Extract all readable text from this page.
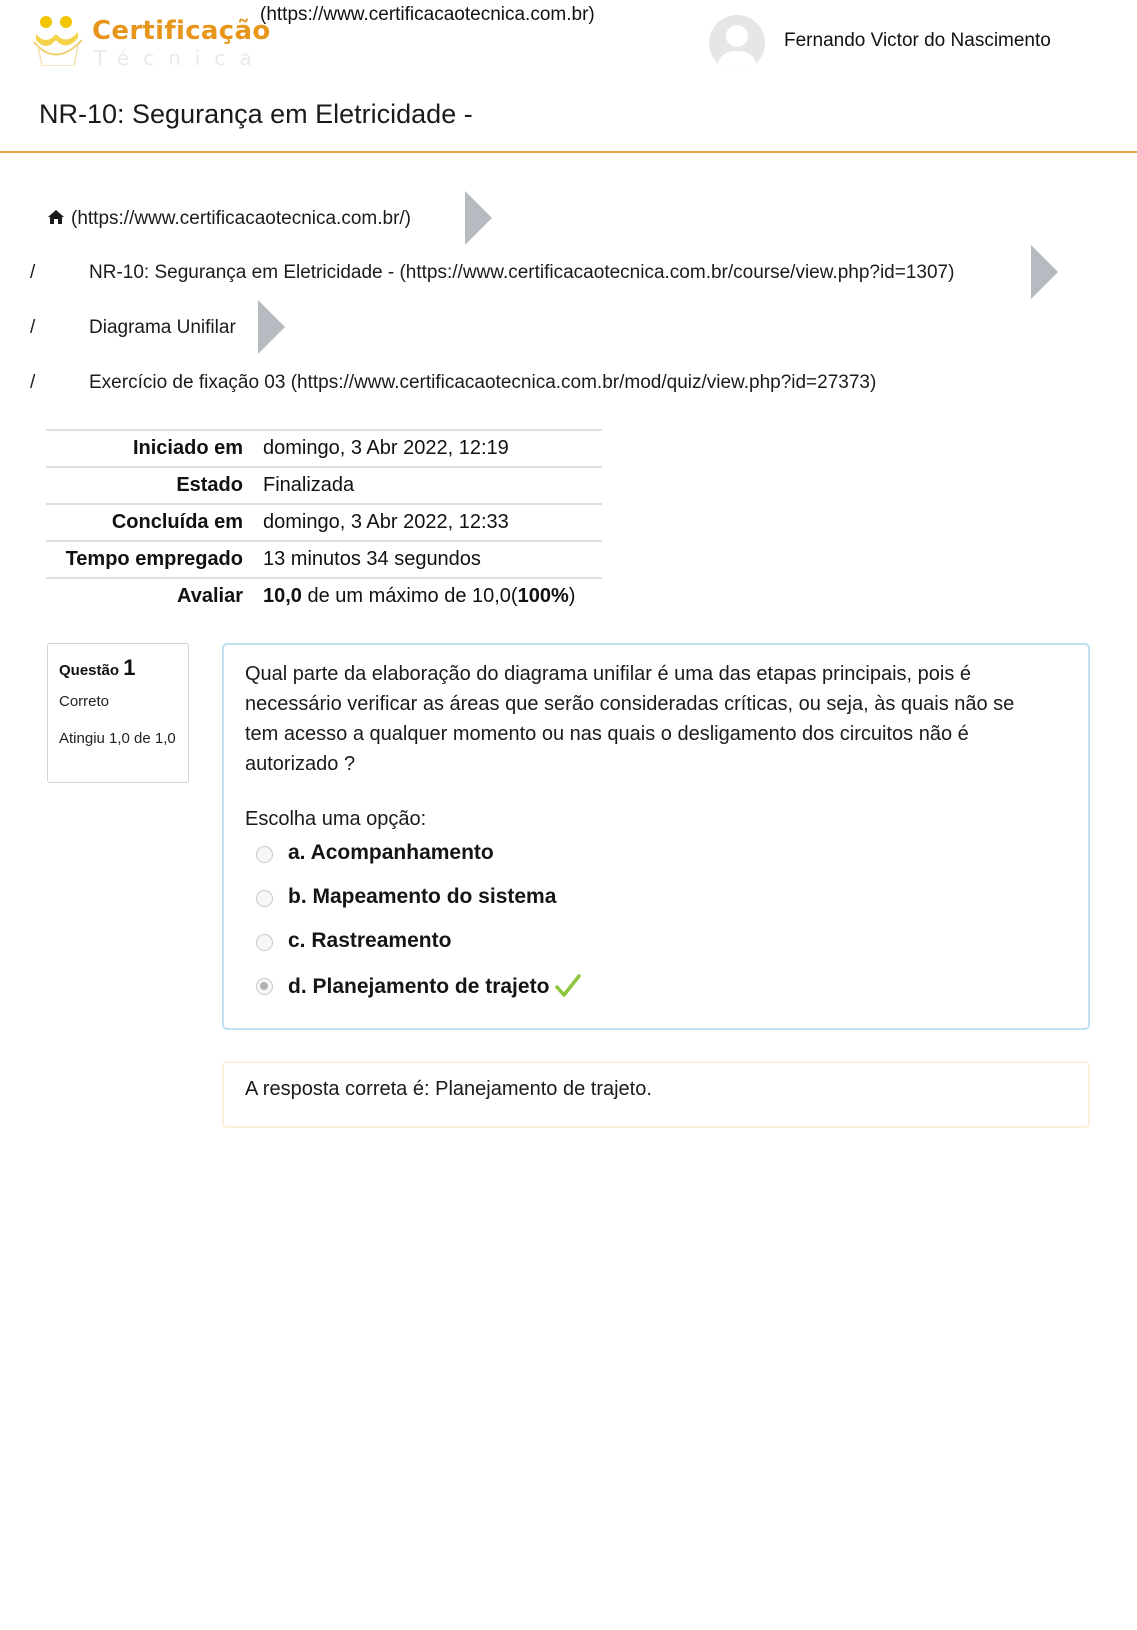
Certificação
Técnica
(https://www.certificacaotecnica.com.br)
Fernando Victor do Nascimento
NR-10: Segurança em Eletricidade -
(https://www.certificacaotecnica.com.br/)
/	NR-10: Segurança em Eletricidade - (https://www.certificacaotecnica.com.br/course/view.php?id=1307)
/	Diagrama Unifilar
/	Exercício de fixação 03 (https://www.certificacaotecnica.com.br/mod/quiz/view.php?id=27373)
Iniciado em domingo, 3 Abr 2022, 12:19
Estado Finalizada
Concluída em domingo, 3 Abr 2022, 12:33
Tempo empregado 13 minutos 34 segundos
Avaliar 10,0 de um máximo de 10,0(100%)
Questão 1
Correto
Atingiu 1,0 de 1,0
Qual parte da elaboração do diagrama unifilar é uma das etapas principais, pois é necessário verificar as áreas que serão consideradas críticas, ou seja, às quais não se tem acesso a qualquer momento ou nas quais o desligamento dos circuitos não é autorizado ?
Escolha uma opção:
a. Acompanhamento
b. Mapeamento do sistema
c. Rastreamento
d. Planejamento de trajeto
A resposta correta é: Planejamento de trajeto.
